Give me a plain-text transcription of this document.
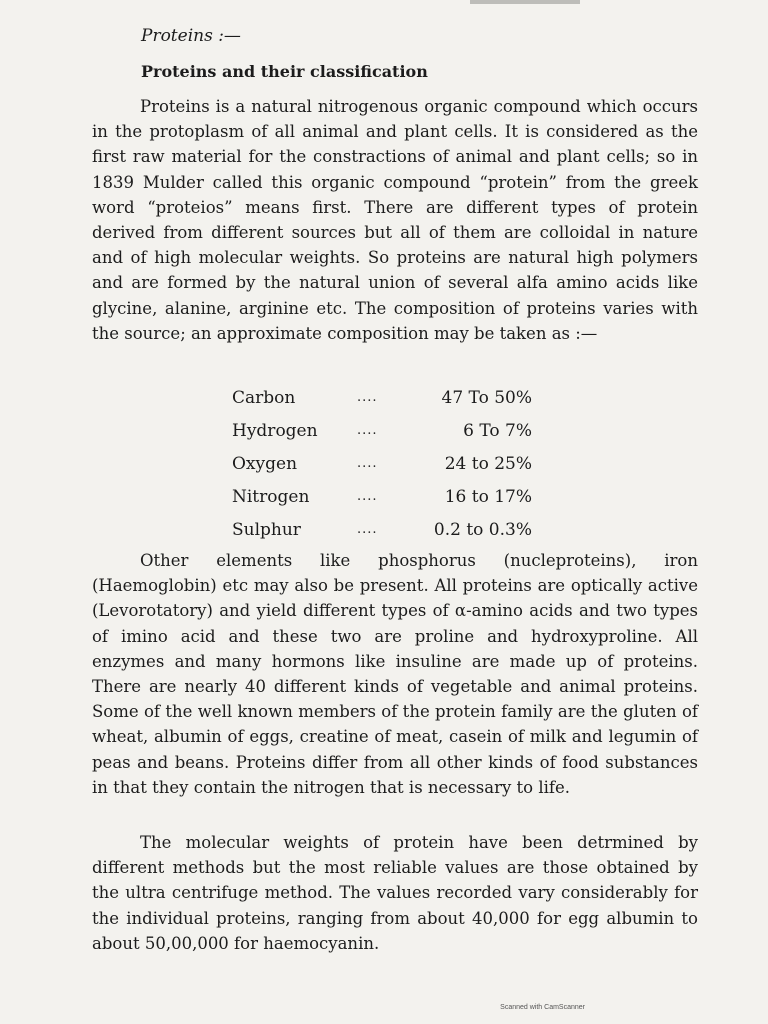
Proteins :—
Proteins and their classification

Proteins is a natural nitrogenous organic compound which occurs in the protoplasm of all animal and plant cells. It is considered as the first raw material for the constractions of animal and plant cells; so in 1839 Mulder called this organic compound “protein” from the greek word “proteios” means first. There are different types of protein derived from different sources but all of them are colloidal in nature and of high molecular weights. So proteins are natural high polymers and are formed by the natural union of several alfa amino acids like glycine, alanine, arginine etc. The composition of proteins varies with the source; an approximate composition may be taken as :—

Carbon	....	47 To 50%
Hydrogen	....	6 To 7%
Oxygen	....	24 to 25%
Nitrogen	....	16 to 17%
Sulphur	....	0.2 to 0.3%

Other elements like phosphorus (nucleproteins), iron (Haemoglobin) etc may also be present. All proteins are optically active (Levorotatory) and yield different types of α-amino acids and two types of imino acid and these two are proline and hydroxyproline. All enzymes and many hormons like insuline are made up of proteins. There are nearly 40 different kinds of vegetable and animal proteins. Some of the well known members of the protein family are the gluten of wheat, albumin of eggs, creatine of meat, casein of milk and legumin of peas and beans. Proteins differ from all other kinds of food substances in that they contain the nitrogen that is necessary to life.

The molecular weights of protein have been detrmined by different methods but the most reliable values are those obtained by the ultra centrifuge method. The values recorded vary considerably for the individual proteins, ranging from about 40,000 for egg albumin to about 50,00,000 for haemocyanin.

Scanned with CamScanner
